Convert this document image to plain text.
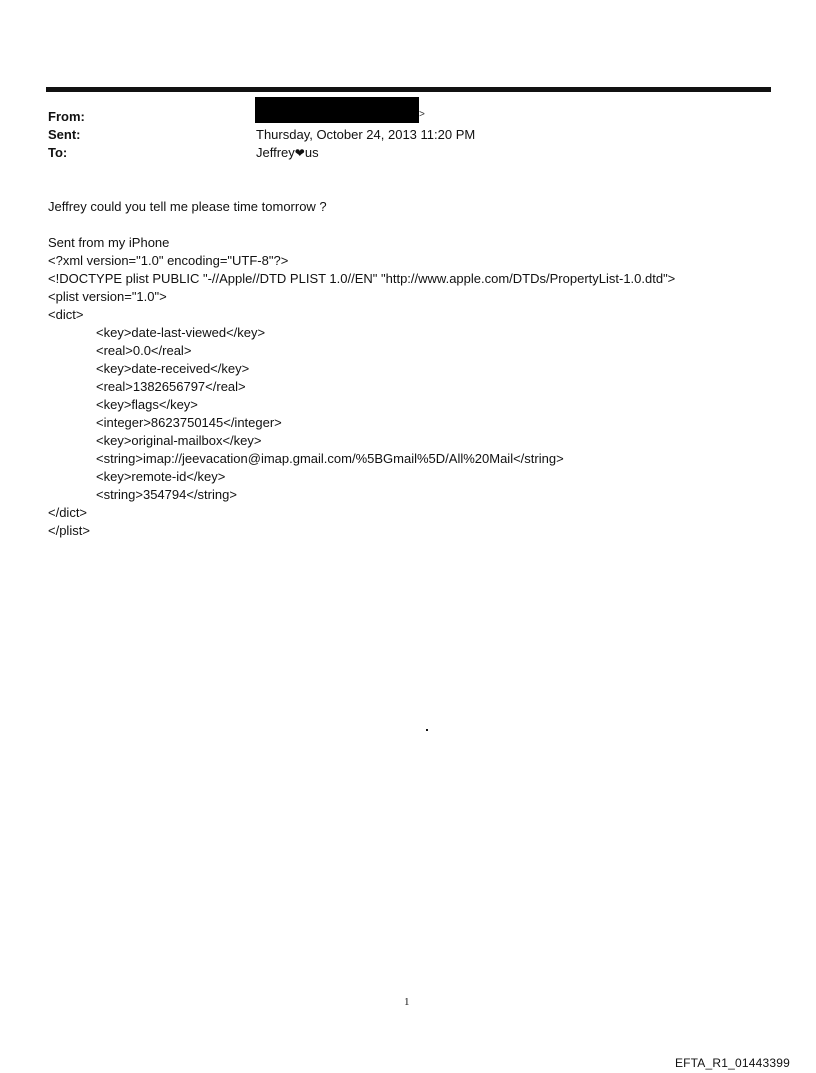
From:	>
Sent:	Thursday, October 24, 2013 11:20 PM
To:	Jeffrey❤us
Jeffrey could you tell me please time tomorrow ?
Sent from my iPhone
<?xml version="1.0" encoding="UTF-8"?>
<!DOCTYPE plist PUBLIC "-//Apple//DTD PLIST 1.0//EN" "http://www.apple.com/DTDs/PropertyList-1.0.dtd">
<plist version="1.0">
<dict>
<key>date-last-viewed</key>
<real>0.0</real>
<key>date-received</key>
<real>1382656797</real>
<key>flags</key>
<integer>8623750145</integer>
<key>original-mailbox</key>
<string>imap://jeevacation@imap.gmail.com/%5BGmail%5D/All%20Mail</string>
<key>remote-id</key>
<string>354794</string>
</dict>
</plist>
1
EFTA_R1_01443399
